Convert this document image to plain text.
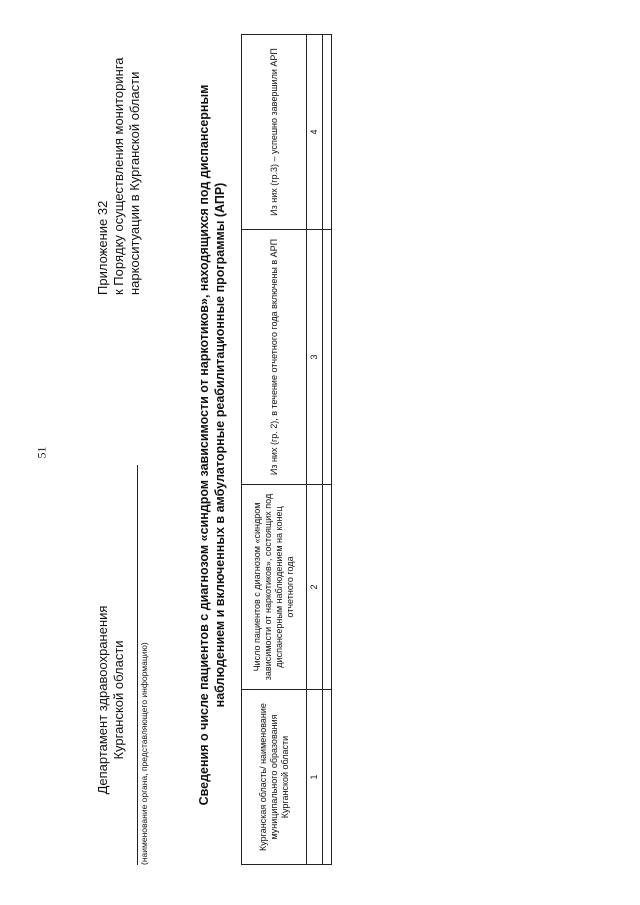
51
Приложение 32 к Порядку осуществления мониторинга наркоситуации в Курганской области
Департамент здравоохранения Курганской области (наименование органа, представляющего информацию)	Сведения о числе пациентов с диагнозом «синдром зависимости от наркотиков», находящихся под диспансерным наблюдением и включенных в амбулаторные реабилитационные программы (АПР)
Курганская область/ наименование муниципального образования Курганской области	Число пациентов с диагнозом «синдром зависимости от наркотиков», состоящих под диспансерным наблюдением на конец отчетного года	Из них (гр. 2), в течение отчетного года включены в АРП	Из них (гр.3) – успешно завершили АРП
1	2	3	4
